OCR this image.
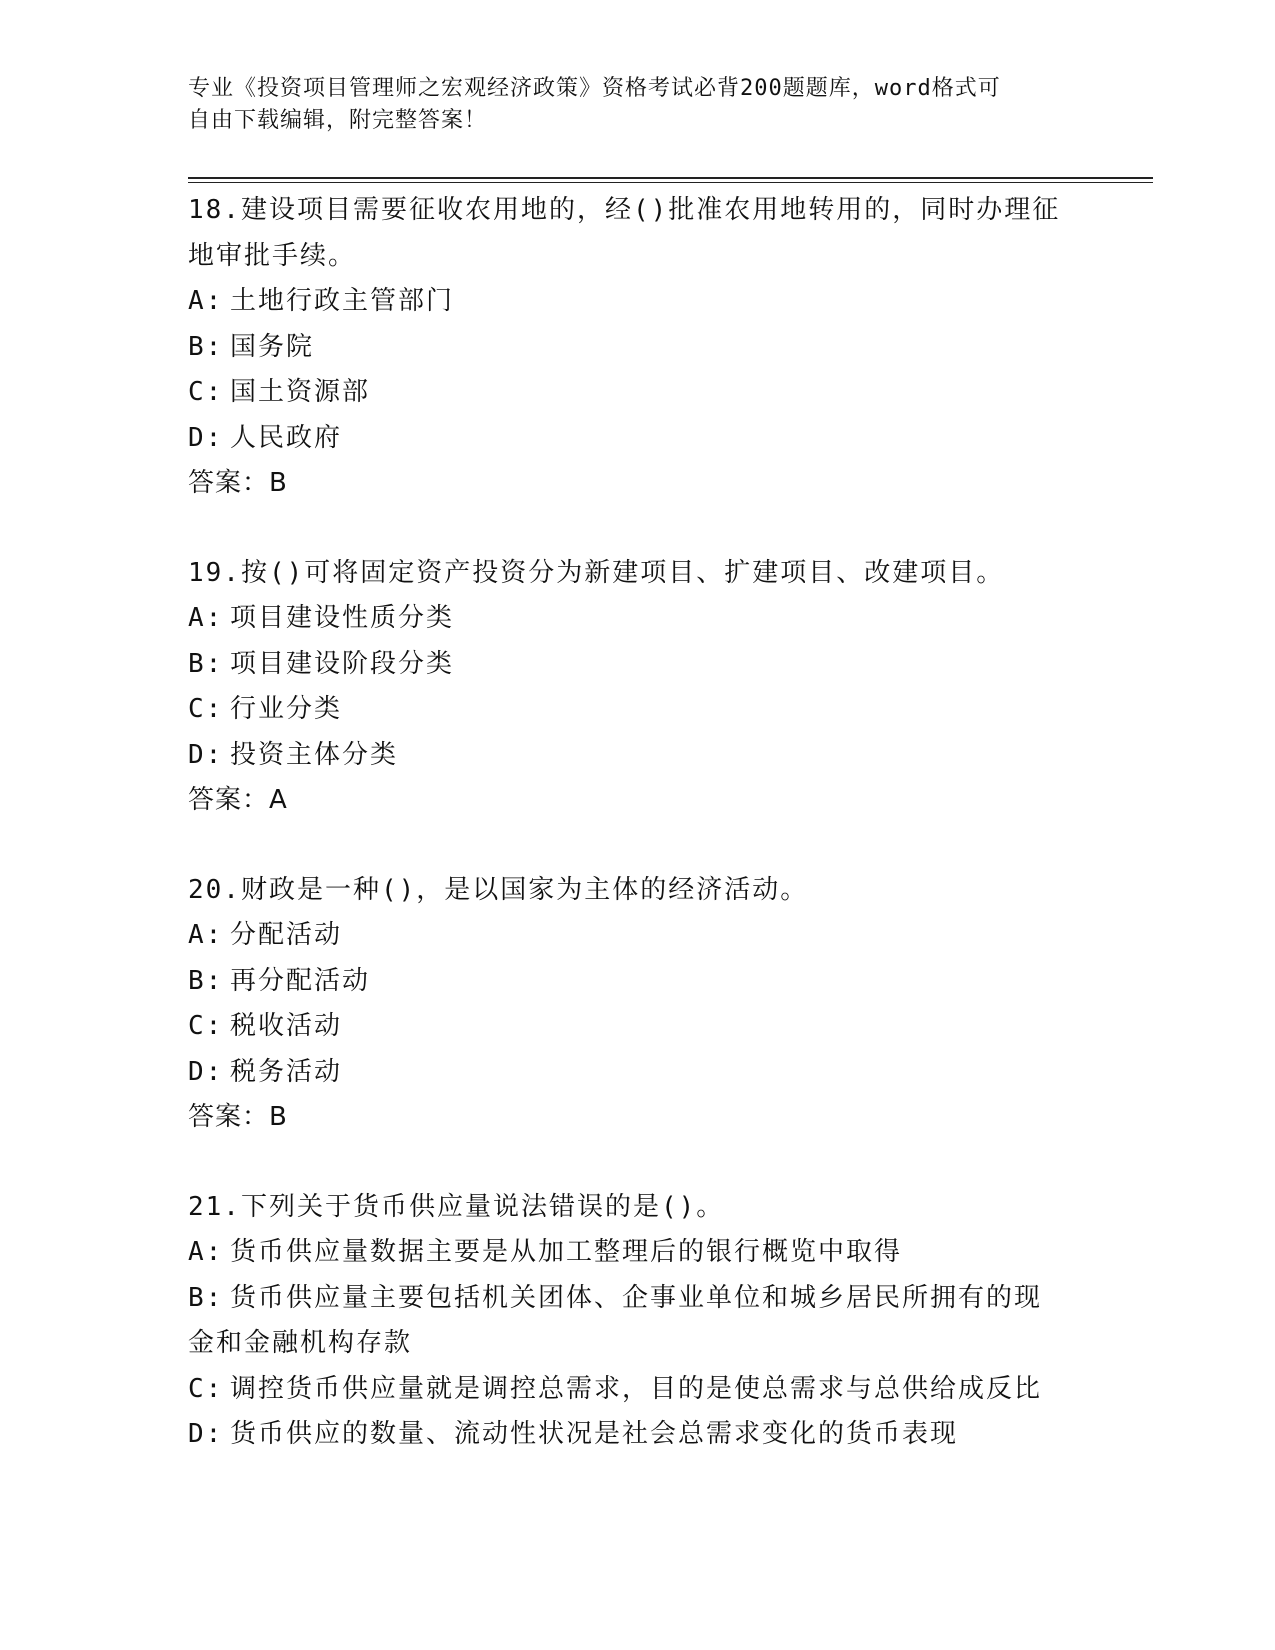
专业《投资项目管理师之宏观经济政策》资格考试必背200题题库，word格式可
自由下载编辑，附完整答案！

18.建设项目需要征收农用地的，经()批准农用地转用的，同时办理征
地审批手续。

A: 土地行政主管部门

B: 国务院

C: 国土资源部

D: 人民政府

答案：B

19.按()可将固定资产投资分为新建项目、扩建项目、改建项目。

A: 项目建设性质分类

B: 项目建设阶段分类

C: 行业分类

D: 投资主体分类

答案：A

20.财政是一种()，是以国家为主体的经济活动。

A: 分配活动

B: 再分配活动

C: 税收活动

D: 税务活动

答案：B

21.下列关于货币供应量说法错误的是()。

A: 货币供应量数据主要是从加工整理后的银行概览中取得

B: 货币供应量主要包括机关团体、企事业单位和城乡居民所拥有的现
金和金融机构存款

C: 调控货币供应量就是调控总需求，目的是使总需求与总供给成反比

D: 货币供应的数量、流动性状况是社会总需求变化的货币表现
